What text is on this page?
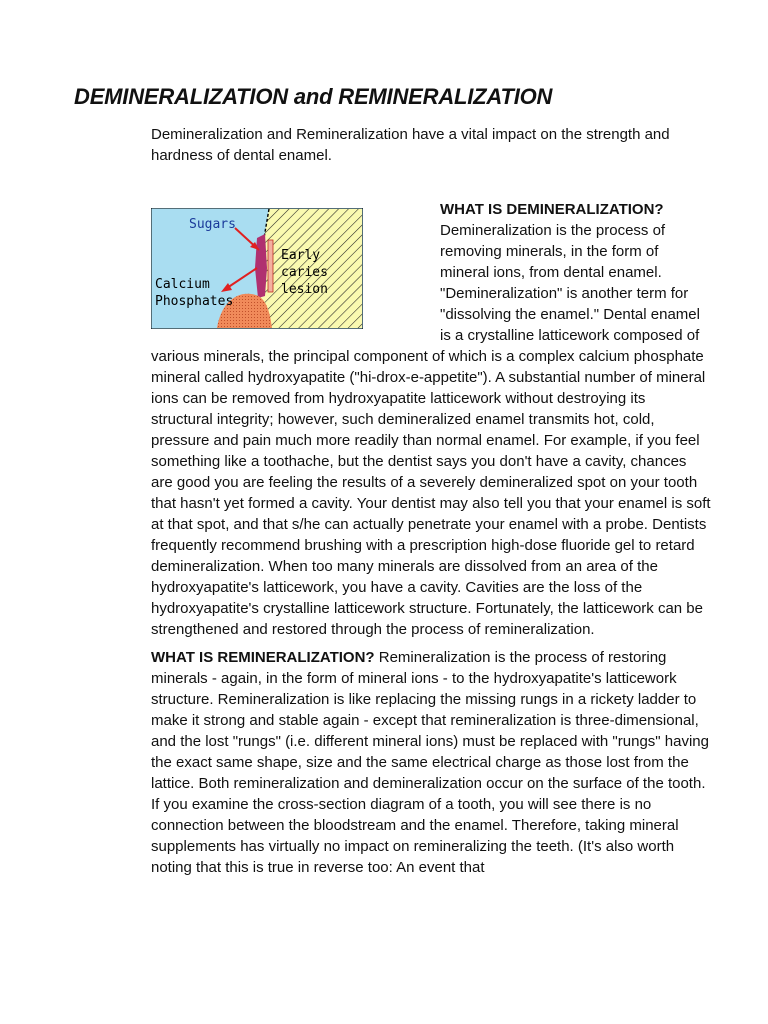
DEMINERALIZATION and REMINERALIZATION

Demineralization and Remineralization have a vital impact on the strength and hardness of dental enamel.

Sugars
Calcium
Phosphates
Early
caries
lesion

WHAT IS DEMINERALIZATION? Demineralization is the process of removing minerals, in the form of mineral ions, from dental enamel. "Demineralization" is another term for "dissolving the enamel." Dental enamel is a crystalline latticework composed of various minerals, the principal component of which is a complex calcium phosphate mineral called hydroxyapatite ("hi-drox-e-appetite"). A substantial number of mineral ions can be removed from hydroxyapatite latticework without destroying its structural integrity; however, such demineralized enamel transmits hot, cold, pressure and pain much more readily than normal enamel. For example, if you feel something like a toothache, but the dentist says you don't have a cavity, chances are good you are feeling the results of a severely demineralized spot on your tooth that hasn't yet formed a cavity. Your dentist may also tell you that your enamel is soft at that spot, and that s/he can actually penetrate your enamel with a probe. Dentists frequently recommend brushing with a prescription high-dose fluoride gel to retard demineralization. When too many minerals are dissolved from an area of the hydroxyapatite's latticework, you have a cavity. Cavities are the loss of the hydroxyapatite's crystalline latticework structure. Fortunately, the latticework can be strengthened and restored through the process of remineralization.

WHAT IS REMINERALIZATION? Remineralization is the process of restoring minerals - again, in the form of mineral ions - to the hydroxyapatite's latticework structure. Remineralization is like replacing the missing rungs in a rickety ladder to make it strong and stable again - except that remineralization is three-dimensional, and the lost "rungs" (i.e. different mineral ions) must be replaced with "rungs" having the exact same shape, size and the same electrical charge as those lost from the lattice. Both remineralization and demineralization occur on the surface of the tooth. If you examine the cross-section diagram of a tooth, you will see there is no connection between the bloodstream and the enamel. Therefore, taking mineral supplements has virtually no impact on remineralizing the teeth. (It's also worth noting that this is true in reverse too: An event that
